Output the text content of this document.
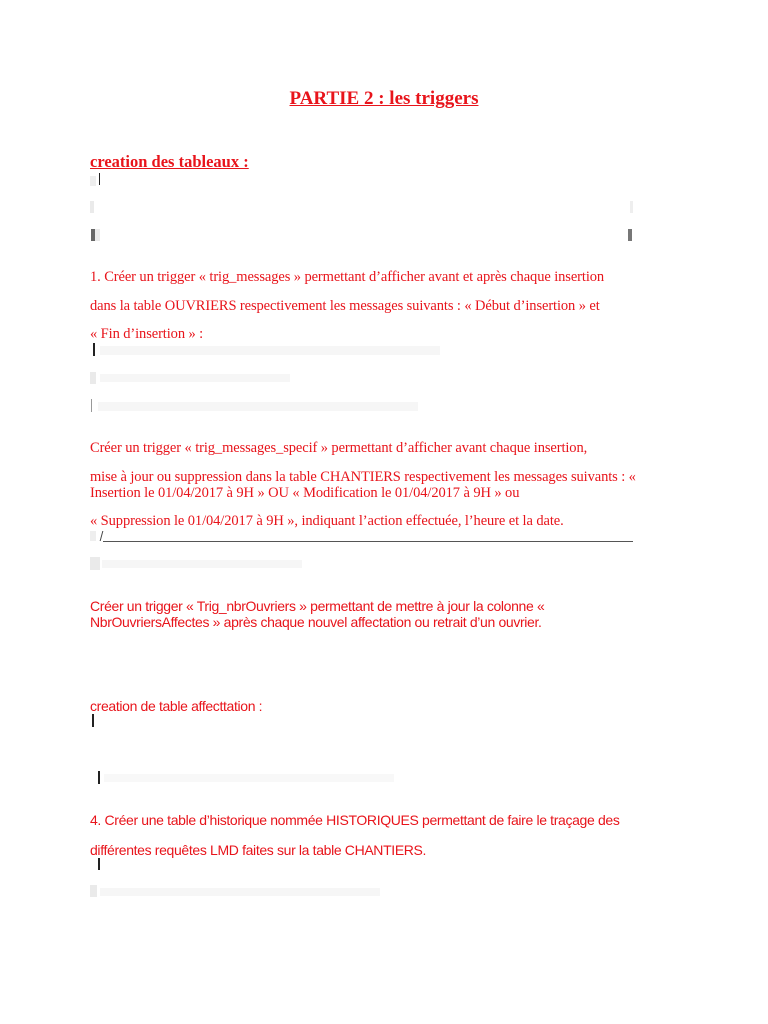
PARTIE 2 : les triggers
creation des tableaux :
1. Créer un trigger « trig_messages » permettant d’afficher avant et après chaque insertion
dans la table OUVRIERS respectivement les messages suivants : « Début d’insertion » et
« Fin d’insertion » :
Créer un trigger « trig_messages_specif » permettant d’afficher avant chaque insertion,
mise à jour ou suppression dans la table CHANTIERS respectivement les messages suivants : «
Insertion le 01/04/2017 à 9H » OU « Modification le 01/04/2017 à 9H » ou
« Suppression le 01/04/2017 à 9H », indiquant l’action effectuée, l’heure et la date.
Créer un trigger « Trig_nbrOuvriers » permettant de mettre à jour la colonne «
NbrOuvriersAffectes » après chaque nouvel affectation ou retrait d’un ouvrier.
creation de table affecttation :
4. Créer une table d’historique nommée HISTORIQUES permettant de faire le traçage des
différentes requêtes LMD faites sur la table CHANTIERS.
